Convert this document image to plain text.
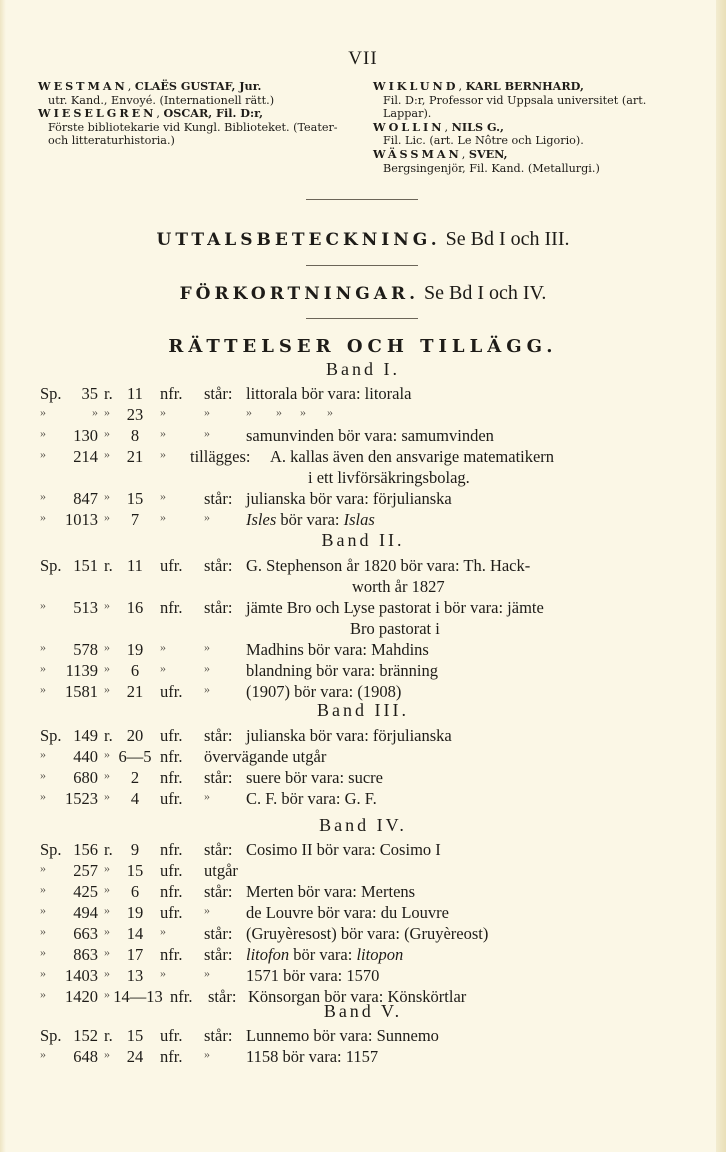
VII

WESTMAN, CLAËS GUSTAF, Jur.
utr. Kand., Envoyé. (Internationell rätt.)

WIESELGREN, OSCAR, Fil. D:r,
Förste bibliotekarie vid Kungl. Biblioteket. (Teater- och litteraturhistoria.)

WIKLUND, KARL BERNHARD,
Fil. D:r, Professor vid Uppsala universitet (art. Lappar).

WOLLIN, NILS G.,
Fil. Lic. (art. Le Nôtre och Ligorio).

WÄSSMAN, SVEN,
Bergsingenjör, Fil. Kand. (Metallurgi.)

UTTALSBETECKNING. Se Bd I och III.
FÖRKORTNINGAR. Se Bd I och IV.
RÄTTELSER OCH TILLÄGG.
Band I.
Sp.	35 r. 11	nfr. står: littorala bör vara: litorala
»	» »	23	»	»	»        »      »       »
»	130 »	8	»	» samunvinden bör vara: samumvinden
»	214 »	21	» tillägges: A. kallas även den ansvarige matematikern
i ett livförsäkringsbolag.
»	847 »	15	» står: julianska bör vara: förjulianska
»	1013 »	7	»	» Isles bör vara: Islas
Band II.
Sp. 151 r. 11	ufr. står: G. Stephenson år 1820 bör vara: Th. Hack-
worth år 1827
»	513 »	16	nfr. står: jämte Bro och Lyse pastorat i bör vara: jämte
Bro pastorat i
»	578 »	19	»	» Madhins bör vara: Mahdins
»	1139 »	6	»	» blandning bör vara: bränning
»	1581 »	21	ufr. » (1907) bör vara: (1908)
Band III.
Sp. 149 r. 20	ufr. står: julianska bör vara: förjulianska
»	440 » 6—5 nfr. övervägande utgår
»	680 »	2	nfr. står: suere bör vara: sucre
»	1523 »	4	ufr. » C. F. bör vara: G. F.
Band IV.
Sp. 156 r.	9	nfr. står: Cosimo II bör vara: Cosimo I
»	257 »	15	ufr. utgår
»	425 »	6	nfr. står: Merten bör vara: Mertens
»	494 »	19	ufr. » de Louvre bör vara: du Louvre
»	663 »	14	» står: (Gruyèresost) bör vara: (Gruyèreost)
»	863 »	17	nfr. står: litofon bör vara: litopon
»	1403 »	13	»	» 1571 bör vara: 1570
»	1420 » 14—13 nfr. står: Könsorgan bör vara: Könskörtlar
Band V.
Sp. 152 r. 15	ufr. står: Lunnemo bör vara: Sunnemo
»	648 »	24	nfr. » 1158 bör vara: 1157
